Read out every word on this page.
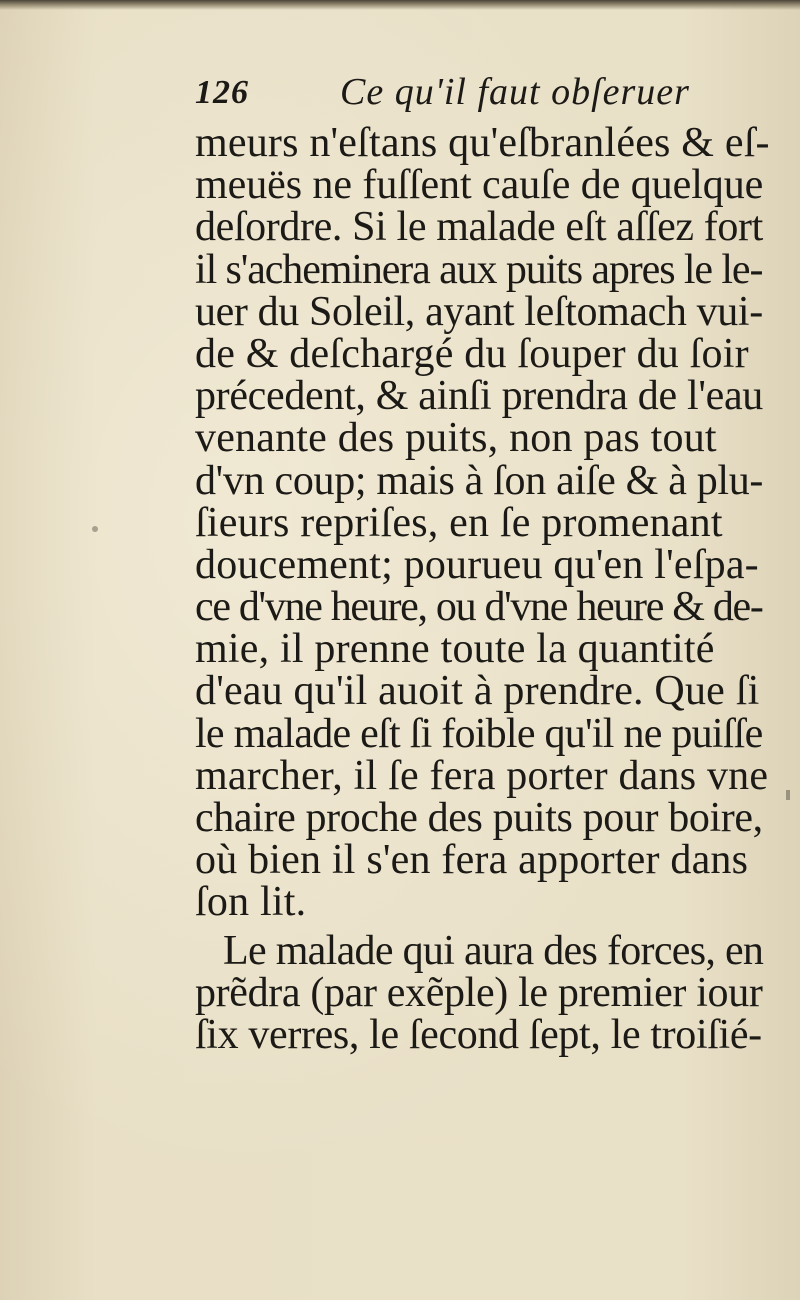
126 Ce qu'il faut obſeruer
meurs n'eſtans qu'eſbranlées & eſ-
meuës ne fuſſent cauſe de quelque
deſordre. Si le malade eſt aſſez fort
il s'acheminera aux puits apres le le-
uer du Soleil, ayant leſtomach vui-
de & deſchargé du ſouper du ſoir
précedent, & ainſi prendra de l'eau
venante des puits, non pas tout
d'vn coup; mais à ſon aiſe & à plu-
ſieurs repriſes, en ſe promenant
doucement; pourueu qu'en l'eſpa-
ce d'vne heure, ou d'vne heure & de-
mie, il prenne toute la quantité
d'eau qu'il auoit à prendre. Que ſi
le malade eſt ſi foible qu'il ne puiſſe
marcher, il ſe fera porter dans vne
chaire proche des puits pour boire,
où bien il s'en fera apporter dans
ſon lit.
Le malade qui aura des forces, en
prẽdra (par exẽple) le premier iour
ſix verres, le ſecond ſept, le troiſié-
